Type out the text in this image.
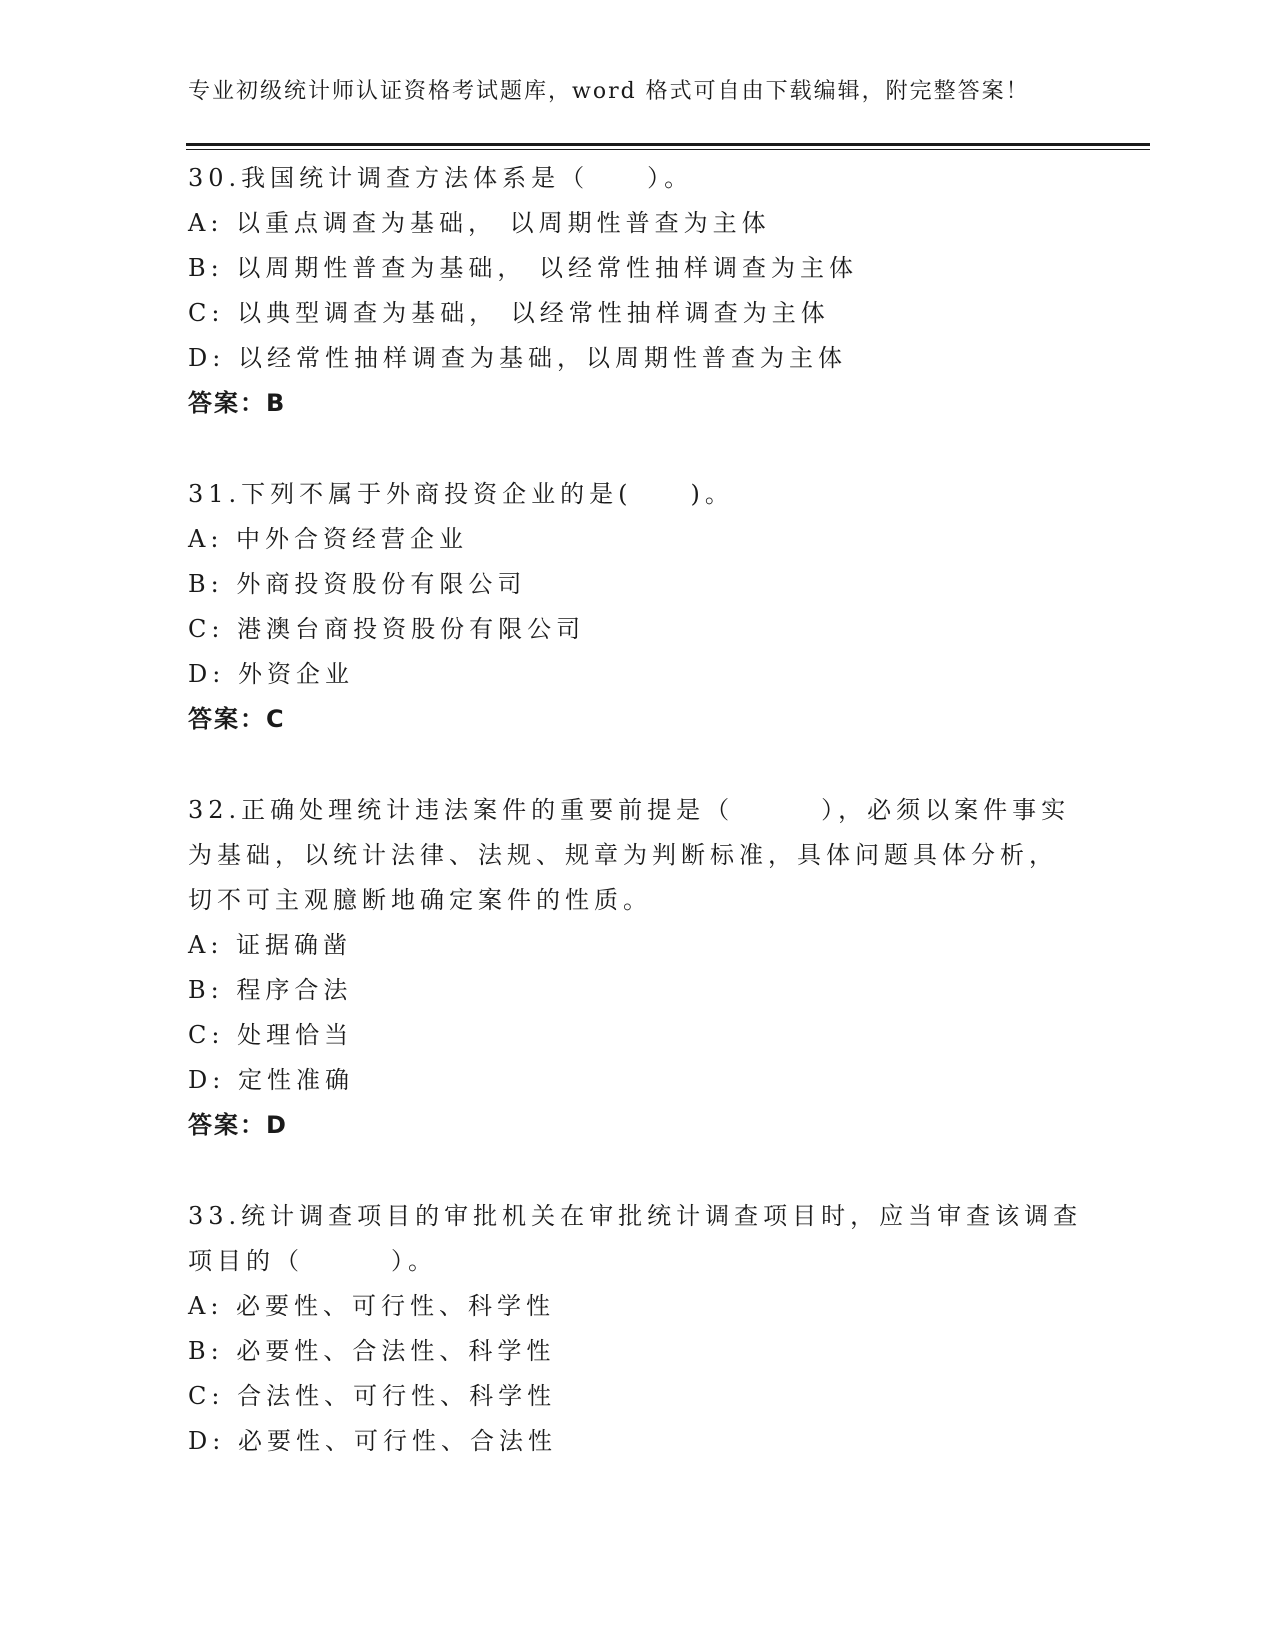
专业初级统计师认证资格考试题库，word 格式可自由下载编辑，附完整答案！
30.我国统计调查方法体系是（　　）。
A: 以重点调查为基础， 以周期性普查为主体
B: 以周期性普查为基础， 以经常性抽样调查为主体
C: 以典型调查为基础， 以经常性抽样调查为主体
D: 以经常性抽样调查为基础，以周期性普查为主体
答案：B
31.下列不属于外商投资企业的是(　　)。
A: 中外合资经营企业
B: 外商投资股份有限公司
C: 港澳台商投资股份有限公司
D: 外资企业
答案：C
32.正确处理统计违法案件的重要前提是（　　　），必须以案件事实
为基础，以统计法律、法规、规章为判断标准，具体问题具体分析，
切不可主观臆断地确定案件的性质。
A: 证据确凿
B: 程序合法
C: 处理恰当
D: 定性准确
答案：D
33.统计调查项目的审批机关在审批统计调查项目时，应当审查该调查
项目的（　　　）。
A: 必要性、可行性、科学性
B: 必要性、合法性、科学性
C: 合法性、可行性、科学性
D: 必要性、可行性、合法性
